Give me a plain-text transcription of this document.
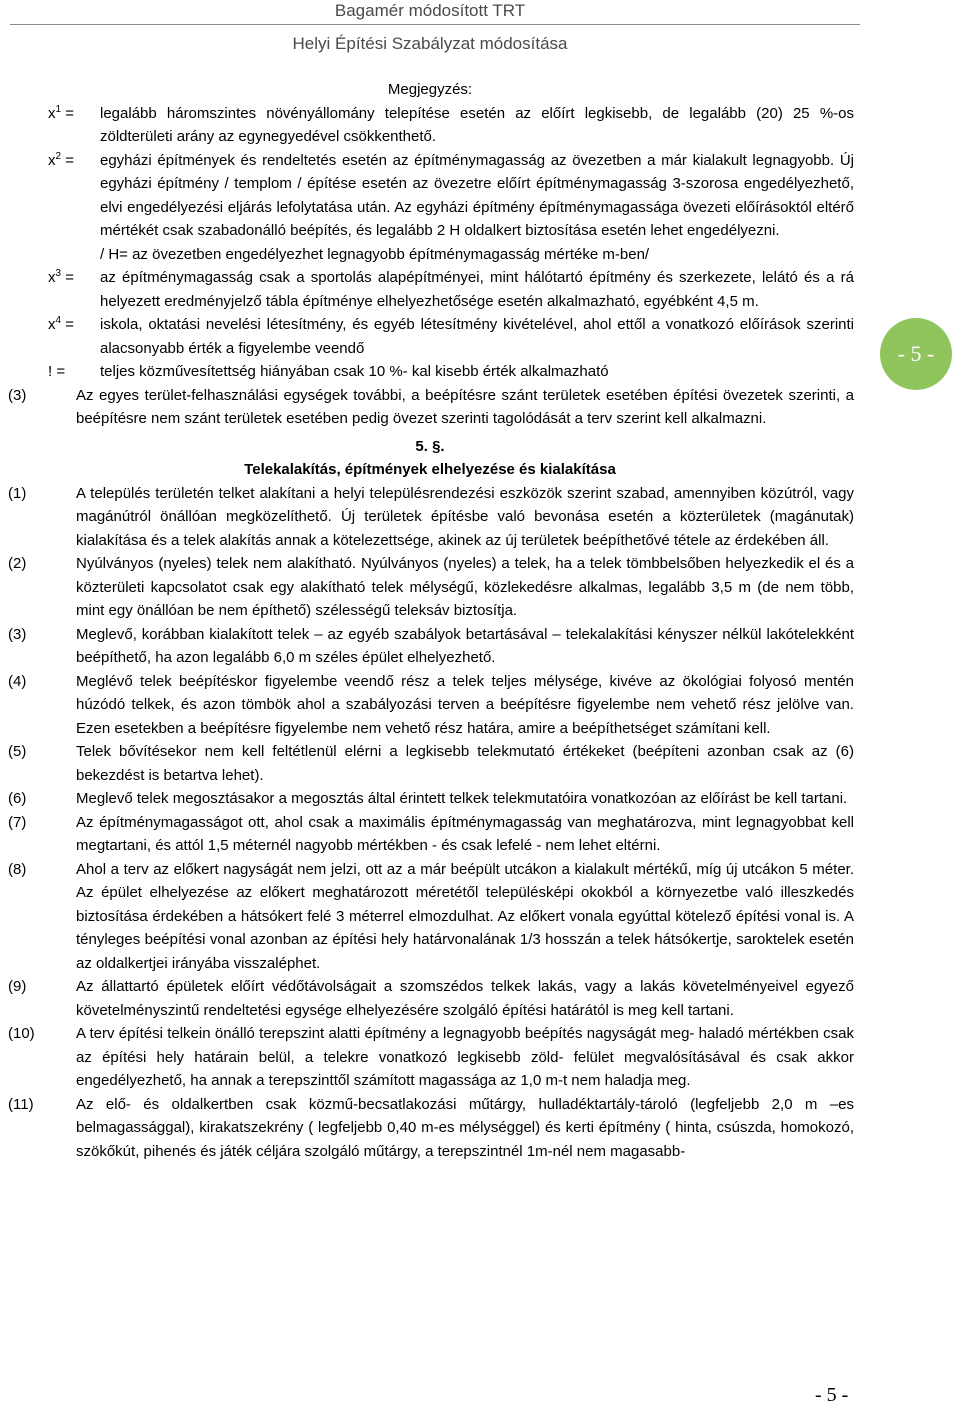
Bagamér módosított TRT
Helyi Építési Szabályzat módosítása
Megjegyzés:
$x^1$ =	legalább háromszintes növényállomány telepítése esetén az előírt legkisebb, de legalább (20) 25 %-os zöldterületi arány az egynegyedével csökkenthető.
$x^2$ =	egyházi építmények és rendeltetés esetén az építménymagasság az övezetben a már kialakult legnagyobb. Új egyházi építmény / templom / építése esetén az övezetre előírt építménymagasság 3-szorosa engedélyezhető, elvi engedélyezési eljárás lefolytatása után. Az egyházi építmény építménymagassága övezeti előírásoktól eltérő mértékét csak szabadonálló beépítés, és legalább 2 H oldalkert biztosítása esetén lehet engedélyezni.
/ H= az övezetben engedélyezhet legnagyobb építménymagasság mértéke m-ben/
$x^3$ =	az építménymagasság csak a sportolás alapépítményei, mint hálótartó építmény és szerkezete, lelátó és a rá helyezett eredményjelző tábla építménye elhelyezhetősége esetén alkalmazható, egyébként 4,5 m.
$x^4$ =	iskola, oktatási nevelési létesítmény, és egyéb létesítmény kivételével, ahol ettől a vonatkozó előírások szerinti alacsonyabb érték a figyelembe veendő
! =	teljes közművesítettség hiányában csak 10 %- kal kisebb érték alkalmazható
(3)	Az egyes terület-felhasználási egységek további, a beépítésre szánt területek esetében építési övezetek szerinti, a beépítésre nem szánt területek esetében pedig övezet szerinti tagolódását a terv szerint kell alkalmazni.
5. §.
Telekalakítás, építmények elhelyezése és kialakítása
(1)	A település területén telket alakítani a helyi településrendezési eszközök szerint szabad, amennyiben közútról, vagy magánútról önállóan megközelíthető. Új területek építésbe való bevonása esetén a közterületek (magánutak) kialakítása és a telek alakítás annak a kötelezettsége, akinek az új területek beépíthetővé tétele az érdekében áll.
(2)	Nyúlványos (nyeles) telek nem alakítható. Nyúlványos (nyeles) a telek, ha a telek tömbbelsőben helyezkedik el és a közterületi kapcsolatot csak egy alakítható telek mélységű, közlekedésre alkalmas, legalább 3,5 m (de nem több, mint egy önállóan be nem építhető) szélességű teleksáv biztosítja.
(3)	Meglevő, korábban kialakított telek – az egyéb szabályok betartásával – telekalakítási kényszer nélkül lakótelekként beépíthető, ha azon legalább 6,0 m széles épület elhelyezhető.
(4)	Meglévő telek beépítéskor figyelembe veendő rész a telek teljes mélysége, kivéve az ökológiai folyosó mentén húzódó telkek, és azon tömbök ahol a szabályozási terven a beépítésre figyelembe nem vehető rész jelölve van. Ezen esetekben a beépítésre figyelembe nem vehető rész határa, amire a beépíthetséget számítani kell.
(5)	Telek bővítésekor nem kell feltétlenül elérni a legkisebb telekmutató értékeket (beépíteni azonban csak az (6) bekezdést is betartva lehet).
(6)	Meglevő telek megosztásakor a megosztás által érintett telkek telekmutatóira vonatkozóan az előírást be kell tartani.
(7)	Az építménymagasságot ott, ahol csak a maximális építménymagasság van meghatározva, mint legnagyobbat kell megtartani, és attól 1,5 méternél nagyobb mértékben - és csak lefelé - nem lehet eltérni.
(8)	Ahol a terv az előkert nagyságát nem jelzi, ott az a már beépült utcákon a kialakult mértékű, míg új utcákon 5 méter. Az épület elhelyezése az előkert meghatározott méretétől településképi okokból a környezetbe való illeszkedés biztosítása érdekében a hátsókert felé 3 méterrel elmozdulhat. Az előkert vonala egyúttal kötelező építési vonal is. A tényleges beépítési vonal azonban az építési hely határvonalának 1/3 hosszán a telek hátsókertje, saroktelek esetén az oldalkertjei irányába visszaléphet.
(9)	Az állattartó épületek előírt védőtávolságait a szomszédos telkek lakás, vagy a lakás követelményeivel egyező követelményszintű rendeltetési egysége elhelyezésére szolgáló építési határától is meg kell tartani.
(10)	A terv építési telkein önálló terepszint alatti építmény a legnagyobb beépítés nagyságát meg- haladó mértékben csak az építési hely határain belül, a telekre vonatkozó legkisebb zöld- felület megvalósításával és csak akkor engedélyezhető, ha annak a terepszinttől számított magassága az 1,0 m-t nem haladja meg.
(11)	Az elő- és oldalkertben csak közmű-becsatlakozási műtárgy, hulladéktartály-tároló (legfeljebb 2,0 m –es belmagassággal), kirakatszekrény ( legfeljebb 0,40 m-es mélységgel) és kerti építmény ( hinta, csúszda, homokozó, szökőkút, pihenés és játék céljára szolgáló műtárgy, a terepszintnél 1m-nél nem magasabb-
- 5 -
- 5 -
